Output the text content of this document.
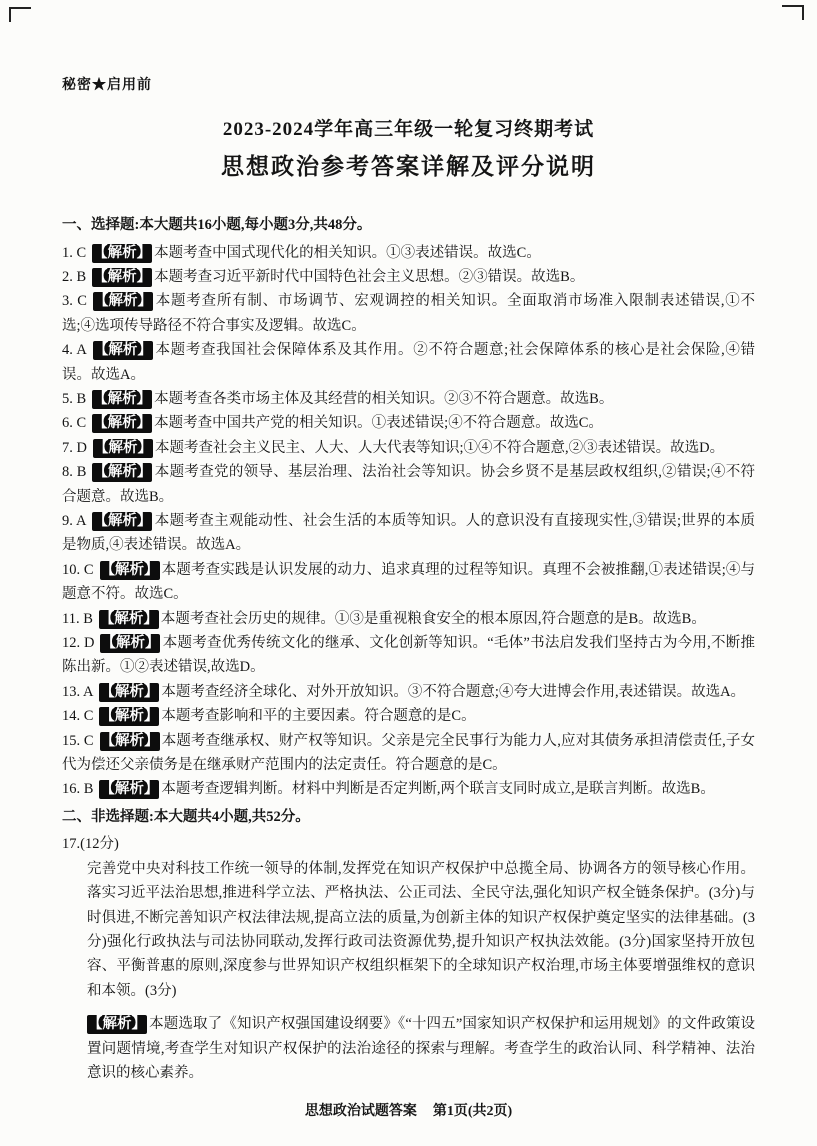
秘密★启用前
2023-2024学年高三年级一轮复习终期考试
思想政治参考答案详解及评分说明
一、选择题:本大题共16小题,每小题3分,共48分。
1. C 【解析】 本题考查中国式现代化的相关知识。①③表述错误。故选C。
2. B 【解析】 本题考查习近平新时代中国特色社会主义思想。②③错误。故选B。
3. C 【解析】 本题考查所有制、市场调节、宏观调控的相关知识。全面取消市场准入限制表述错误,①不选;④选项传导路径不符合事实及逻辑。故选C。
4. A 【解析】 本题考查我国社会保障体系及其作用。②不符合题意;社会保障体系的核心是社会保险,④错误。故选A。
5. B 【解析】 本题考查各类市场主体及其经营的相关知识。②③不符合题意。故选B。
6. C 【解析】 本题考查中国共产党的相关知识。①表述错误;④不符合题意。故选C。
7. D 【解析】 本题考查社会主义民主、人大、人大代表等知识;①④不符合题意,②③表述错误。故选D。
8. B 【解析】 本题考查党的领导、基层治理、法治社会等知识。协会乡贤不是基层政权组织,②错误;④不符合题意。故选B。
9. A 【解析】 本题考查主观能动性、社会生活的本质等知识。人的意识没有直接现实性,③错误;世界的本质是物质,④表述错误。故选A。
10. C 【解析】 本题考查实践是认识发展的动力、追求真理的过程等知识。真理不会被推翻,①表述错误;④与题意不符。故选C。
11. B 【解析】 本题考查社会历史的规律。①③是重视粮食安全的根本原因,符合题意的是B。故选B。
12. D 【解析】 本题考查优秀传统文化的继承、文化创新等知识。“毛体”书法启发我们坚持古为今用,不断推陈出新。①②表述错误,故选D。
13. A 【解析】 本题考查经济全球化、对外开放知识。③不符合题意;④夸大进博会作用,表述错误。故选A。
14. C 【解析】 本题考查影响和平的主要因素。符合题意的是C。
15. C 【解析】 本题考查继承权、财产权等知识。父亲是完全民事行为能力人,应对其债务承担清偿责任,子女代为偿还父亲债务是在继承财产范围内的法定责任。符合题意的是C。
16. B 【解析】 本题考查逻辑判断。材料中判断是否定判断,两个联言支同时成立,是联言判断。故选B。
二、非选择题:本大题共4小题,共52分。
17.(12分)
完善党中央对科技工作统一领导的体制,发挥党在知识产权保护中总揽全局、协调各方的领导核心作用。落实习近平法治思想,推进科学立法、严格执法、公正司法、全民守法,强化知识产权全链条保护。(3分)与时俱进,不断完善知识产权法律法规,提高立法的质量,为创新主体的知识产权保护奠定坚实的法律基础。(3分)强化行政执法与司法协同联动,发挥行政司法资源优势,提升知识产权执法效能。(3分)国家坚持开放包容、平衡普惠的原则,深度参与世界知识产权组织框架下的全球知识产权治理,市场主体要增强维权的意识和本领。(3分)
【解析】 本题选取了《知识产权强国建设纲要》《“十四五”国家知识产权保护和运用规划》的文件政策设置问题情境,考查学生对知识产权保护的法治途径的探索与理解。考查学生的政治认同、科学精神、法治意识的核心素养。
思想政治试题答案 第1页(共2页)
